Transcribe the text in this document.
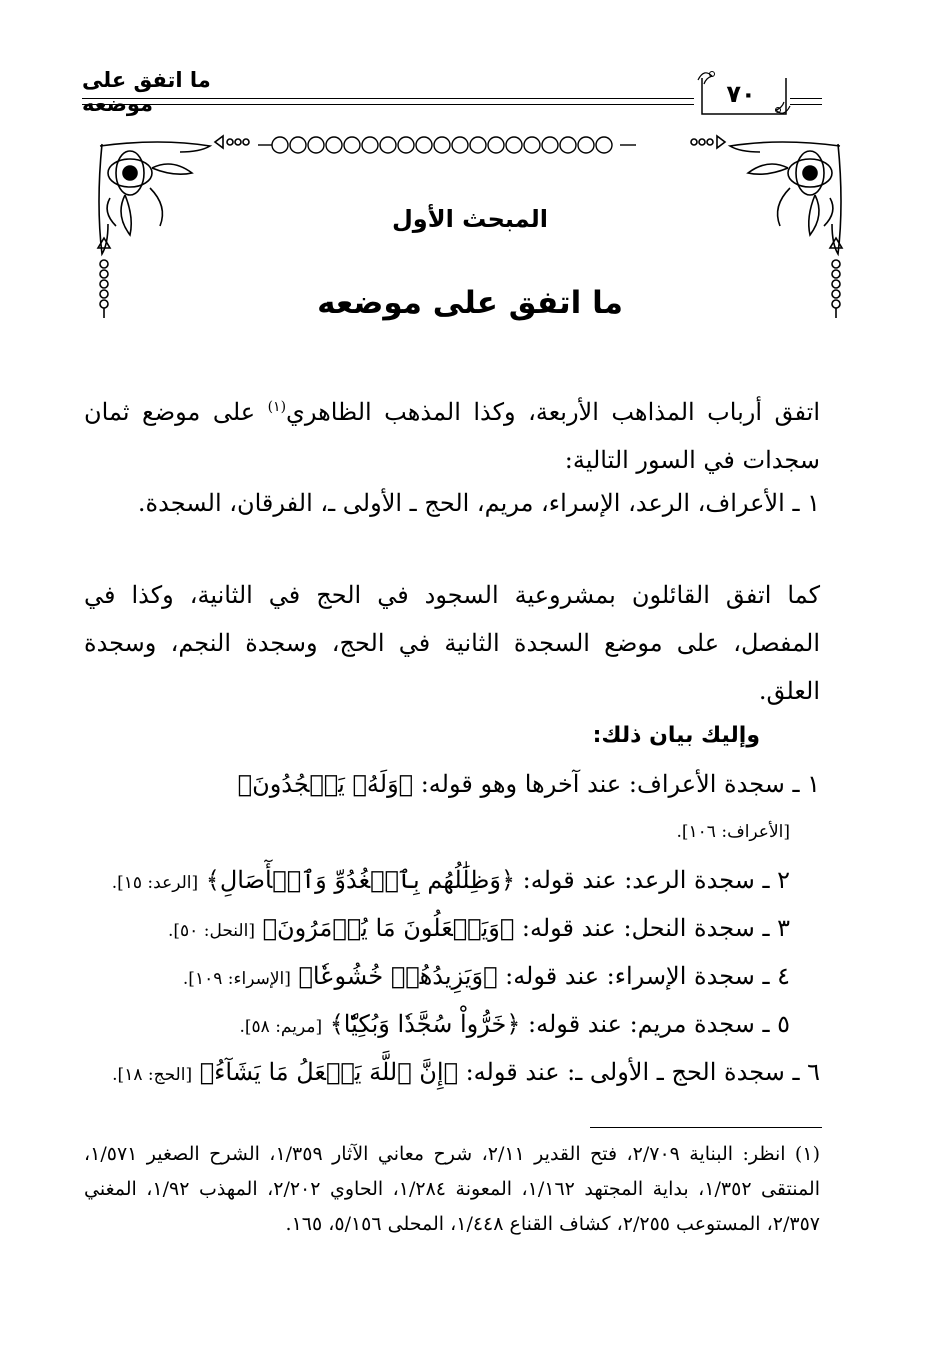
ما اتفق على موضعه	٧٠
المبحث الأول
ما اتفق على موضعه
اتفق أرباب المذاهب الأربعة، وكذا المذهب الظاهري$^{(١)}$ على موضع ثمان سجدات في السور التالية:
١ ـ الأعراف، الرعد، الإسراء، مريم، الحج ـ الأولى ـ، الفرقان، السجدة.
كما اتفق القائلون بمشروعية السجود في الحج في الثانية، وكذا في المفصل، على موضع السجدة الثانية في الحج، وسجدة النجم، وسجدة العلق.
وإليك بيان ذلك:
١ ـ سجدة الأعراف: عند آخرها وهو قوله: ﴿وَلَهُۥ يَسۡجُدُونَ﴾
[الأعراف: ١٠٦].
٢ ـ سجدة الرعد: عند قوله: ﴿وَظِلَٰلُهُم بِٱلۡغُدُوِّ وَٱلۡأٓصَالِ﴾ [الرعد: ١٥].
٣ ـ سجدة النحل: عند قوله: ﴿وَيَفۡعَلُونَ مَا يُؤۡمَرُونَ﴾ [النحل: ٥٠].
٤ ـ سجدة الإسراء: عند قوله: ﴿وَيَزِيدُهُمۡ خُشُوعٗا﴾ [الإسراء: ١٠٩].
٥ ـ سجدة مريم: عند قوله: ﴿خَرُّواْ سُجَّدٗا وَبُكِيّٗا﴾ [مريم: ٥٨].
٦ ـ سجدة الحج ـ الأولى ـ: عند قوله: ﴿إِنَّ ٱللَّهَ يَفۡعَلُ مَا يَشَآءُ﴾ [الحج: ١٨].
(١) انظر: البناية ٢/٧٠٩، فتح القدير ٢/١١، شرح معاني الآثار ١/٣٥٩، الشرح الصغير ١/٥٧١، المنتقى ١/٣٥٢، بداية المجتهد ١/١٦٢، المعونة ١/٢٨٤، الحاوي ٢/٢٠٢، المهذب ١/٩٢، المغني ٢/٣٥٧، المستوعب ٢/٢٥٥، كشاف القناع ١/٤٤٨، المحلى ٥/١٥٦، ١٦٥.
